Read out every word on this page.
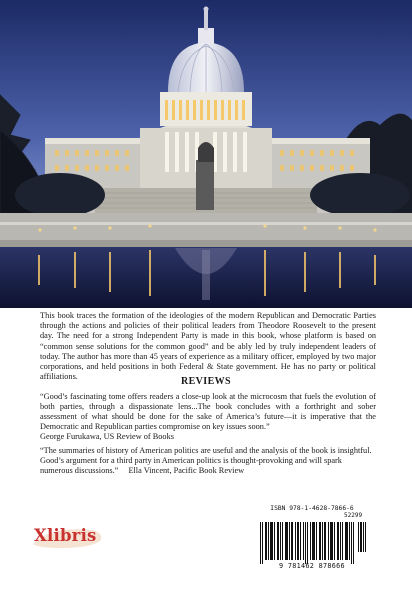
This book traces the formation of the ideologies of the modern Republican and Democratic Parties through the actions and policies of their political leaders from Theodore Roosevelt to the present day. The need for a strong Independent Party is made in this book, whose platform is based on “common sense solutions for the common good” and be ably led by truly independent leaders of today. The author has more than 45 years of experience as a military officer, employed by two major corporations, and held positions in both Federal & State government. He has no party or political affiliations.	REVIEWS
“Good’s fascinating tome offers readers a close-up look at the microcosm that fuels the evolution of both parties, through a dispassionate lens...The book concludes with a forthright and sober assessment of what should be done for the sake of America’s future—it is imperative that the Democratic and Republican parties compromise on key issues soon.”
George Furukawa, US Review of Books
“The summaries of history of American politics are useful and the analysis of the book is insightful. Good’s argument for a third party in American politics is thought-provoking and will spark numerous discussions.” Ella Vincent, Pacific Book Review
Xlibris
ISBN 978-1-4628-7866-6
52299
9 781462 878666
